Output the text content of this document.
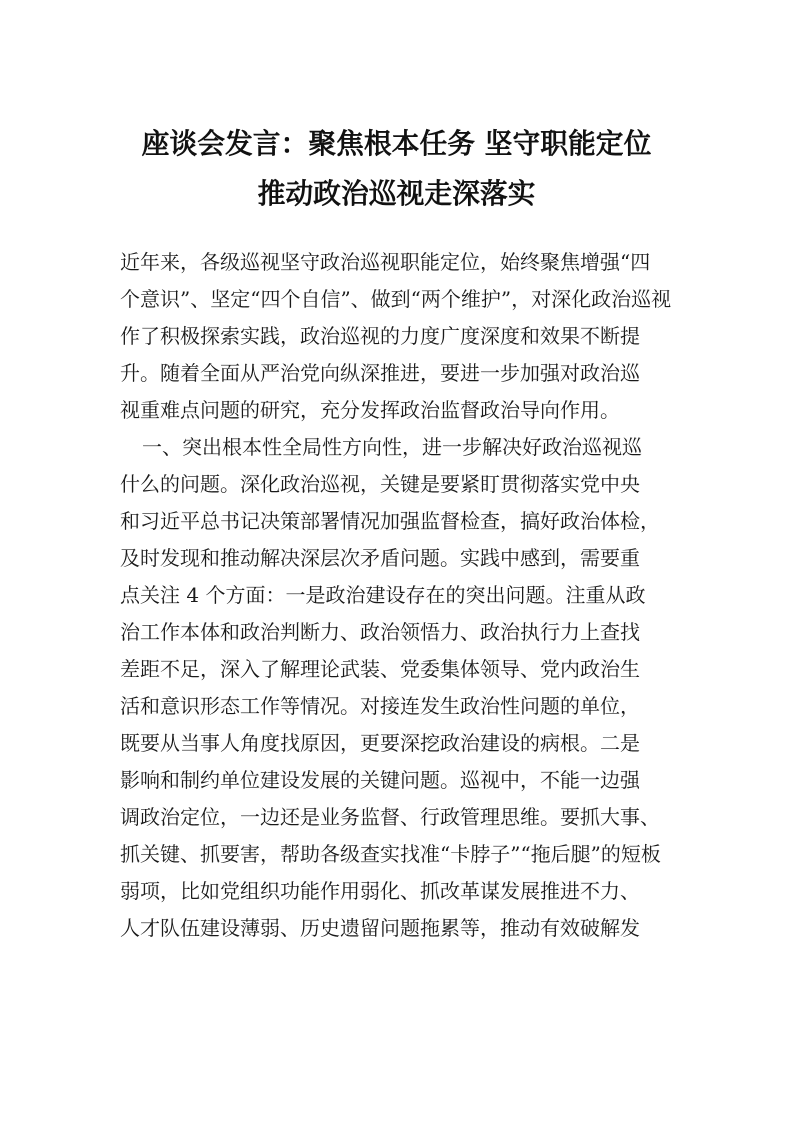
座谈会发言：聚焦根本任务 坚守职能定位
推动政治巡视走深落实
近年来，各级巡视坚守政治巡视职能定位，始终聚焦增强“四
个意识”、坚定“四个自信”、做到“两个维护”，对深化政治巡视
作了积极探索实践，政治巡视的力度广度深度和效果不断提
升。随着全面从严治党向纵深推进，要进一步加强对政治巡
视重难点问题的研究，充分发挥政治监督政治导向作用。
一、突出根本性全局性方向性，进一步解决好政治巡视巡
什么的问题。深化政治巡视，关键是要紧盯贯彻落实党中央
和习近平总书记决策部署情况加强监督检查，搞好政治体检，
及时发现和推动解决深层次矛盾问题。实践中感到，需要重
点关注 4 个方面：一是政治建设存在的突出问题。注重从政
治工作本体和政治判断力、政治领悟力、政治执行力上查找
差距不足，深入了解理论武装、党委集体领导、党内政治生
活和意识形态工作等情况。对接连发生政治性问题的单位，
既要从当事人角度找原因，更要深挖政治建设的病根。二是
影响和制约单位建设发展的关键问题。巡视中，不能一边强
调政治定位，一边还是业务监督、行政管理思维。要抓大事、
抓关键、抓要害，帮助各级查实找准“卡脖子”“拖后腿”的短板
弱项，比如党组织功能作用弱化、抓改革谋发展推进不力、
人才队伍建设薄弱、历史遗留问题拖累等，推动有效破解发
